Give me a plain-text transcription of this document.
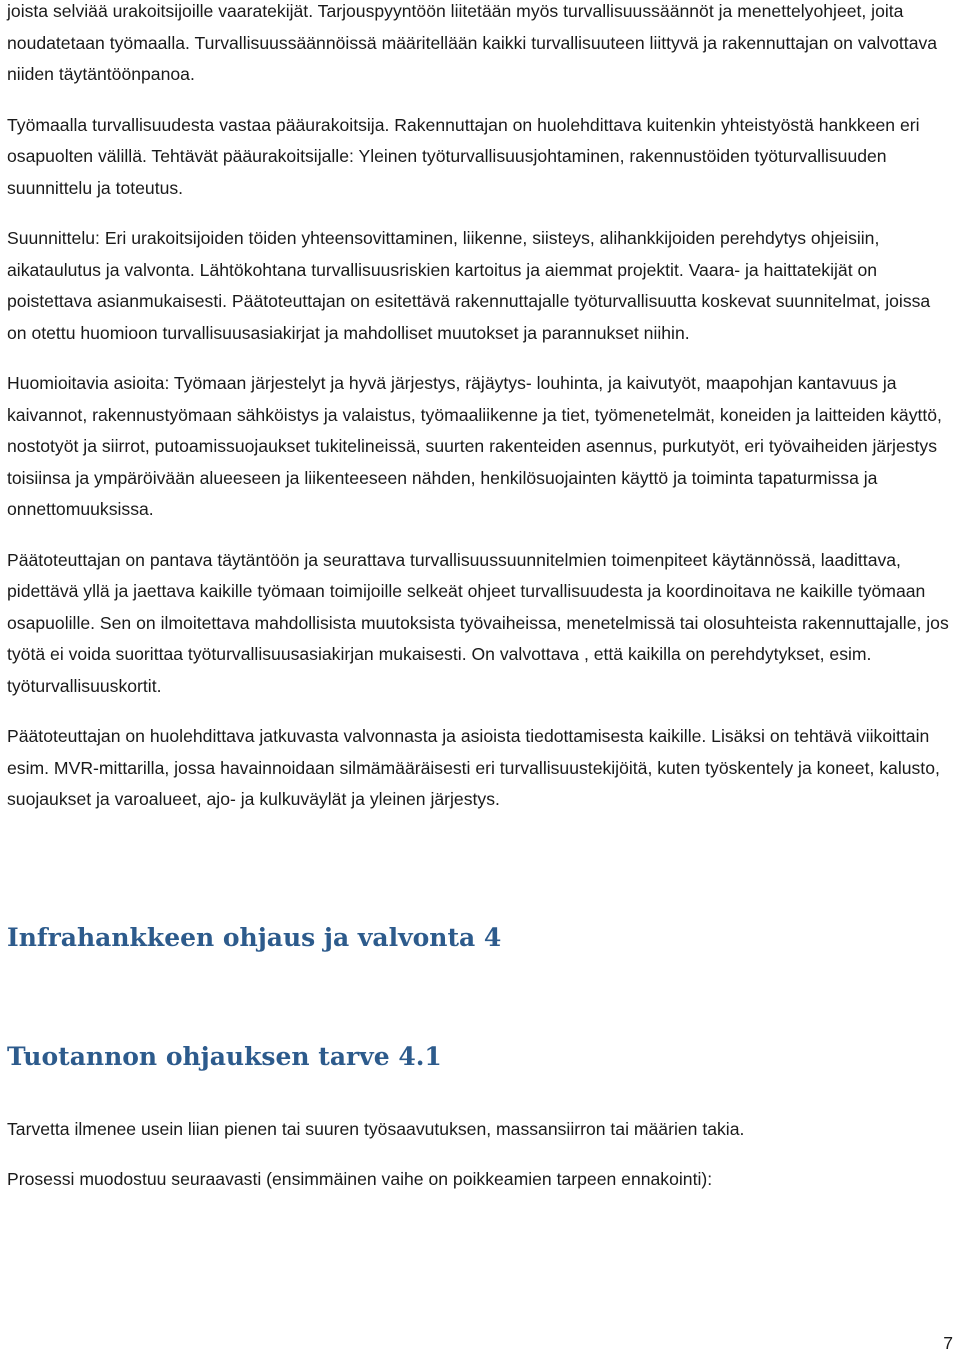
joista selviää urakoitsijoille vaaratekijät. Tarjouspyyntöön liitetään myös turvallisuussäännöt ja menettelyohjeet, joita noudatetaan työmaalla. Turvallisuussäännöissä määritellään kaikki turvallisuuteen liittyvä ja rakennuttajan on valvottava niiden täytäntöönpanoa.

Työmaalla turvallisuudesta vastaa pääurakoitsija. Rakennuttajan on huolehdittava kuitenkin yhteistyöstä hankkeen eri osapuolten välillä. Tehtävät pääurakoitsijalle: Yleinen työturvallisuusjohtaminen, rakennustöiden työturvallisuuden suunnittelu ja toteutus.

Suunnittelu: Eri urakoitsijoiden töiden yhteensovittaminen, liikenne, siisteys, alihankkijoiden perehdytys ohjeisiin, aikataulutus ja valvonta. Lähtökohtana turvallisuusriskien kartoitus ja aiemmat projektit. Vaara- ja haittatekijät on poistettava asianmukaisesti. Päätoteuttajan on esitettävä rakennuttajalle työturvallisuutta koskevat suunnitelmat, joissa on otettu huomioon turvallisuusasiakirjat ja mahdolliset muutokset ja parannukset niihin.

Huomioitavia asioita: Työmaan järjestelyt ja hyvä järjestys, räjäytys- louhinta, ja kaivutyöt, maapohjan kantavuus ja kaivannot, rakennustyömaan sähköistys ja valaistus, työmaaliikenne ja tiet, työmenetelmät, koneiden ja laitteiden käyttö, nostotyöt ja siirrot, putoamissuojaukset tukitelineissä, suurten rakenteiden asennus, purkutyöt, eri työvaiheiden järjestys toisiinsa ja ympäröivään alueeseen ja liikenteeseen nähden, henkilösuojainten käyttö ja toiminta tapaturmissa ja onnettomuuksissa.

Päätoteuttajan on pantava täytäntöön ja seurattava turvallisuussuunnitelmien toimenpiteet käytännössä, laadittava, pidettävä yllä ja jaettava kaikille työmaan toimijoille selkeät ohjeet turvallisuudesta ja koordinoitava ne kaikille työmaan osapuolille. Sen on ilmoitettava mahdollisista muutoksista työvaiheissa, menetelmissä tai olosuhteista rakennuttajalle, jos työtä ei voida suorittaa työturvallisuusasiakirjan mukaisesti. On valvottava , että kaikilla on perehdytykset, esim. työturvallisuuskortit.

Päätoteuttajan on huolehdittava jatkuvasta valvonnasta ja asioista tiedottamisesta kaikille. Lisäksi on tehtävä viikoittain esim. MVR-mittarilla, jossa havainnoidaan silmämääräisesti eri turvallisuustekijöitä, kuten työskentely ja koneet, kalusto, suojaukset ja varoalueet, ajo- ja kulkuväylät ja yleinen järjestys.

Infrahankkeen ohjaus ja valvonta 4
Tuotannon ohjauksen tarve 4.1

Tarvetta ilmenee usein liian pienen tai suuren työsaavutuksen, massansiirron tai määrien takia.

Prosessi muodostuu seuraavasti (ensimmäinen vaihe on poikkeamien tarpeen ennakointi):

7
